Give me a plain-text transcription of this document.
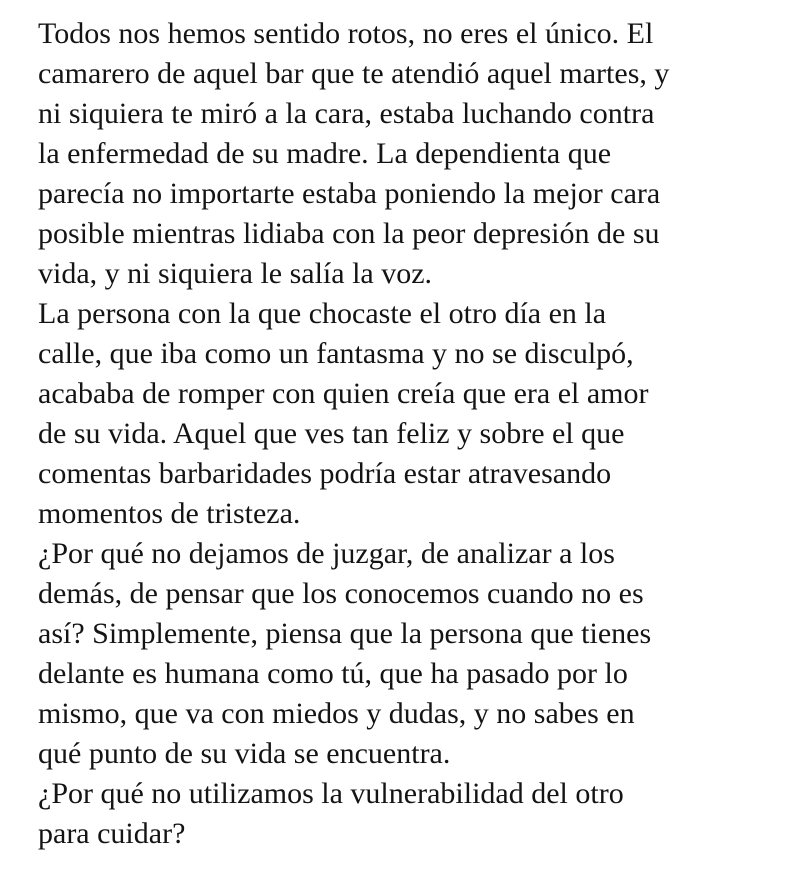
Todos nos hemos sentido rotos, no eres el único. El
camarero de aquel bar que te atendió aquel martes, y
ni siquiera te miró a la cara, estaba luchando contra
la enfermedad de su madre. La dependienta que
parecía no importarte estaba poniendo la mejor cara
posible mientras lidiaba con la peor depresión de su
vida, y ni siquiera le salía la voz.
La persona con la que chocaste el otro día en la
calle, que iba como un fantasma y no se disculpó,
acababa de romper con quien creía que era el amor
de su vida. Aquel que ves tan feliz y sobre el que
comentas barbaridades podría estar atravesando
momentos de tristeza.
¿Por qué no dejamos de juzgar, de analizar a los
demás, de pensar que los conocemos cuando no es
así? Simplemente, piensa que la persona que tienes
delante es humana como tú, que ha pasado por lo
mismo, que va con miedos y dudas, y no sabes en
qué punto de su vida se encuentra.
¿Por qué no utilizamos la vulnerabilidad del otro
para cuidar?
